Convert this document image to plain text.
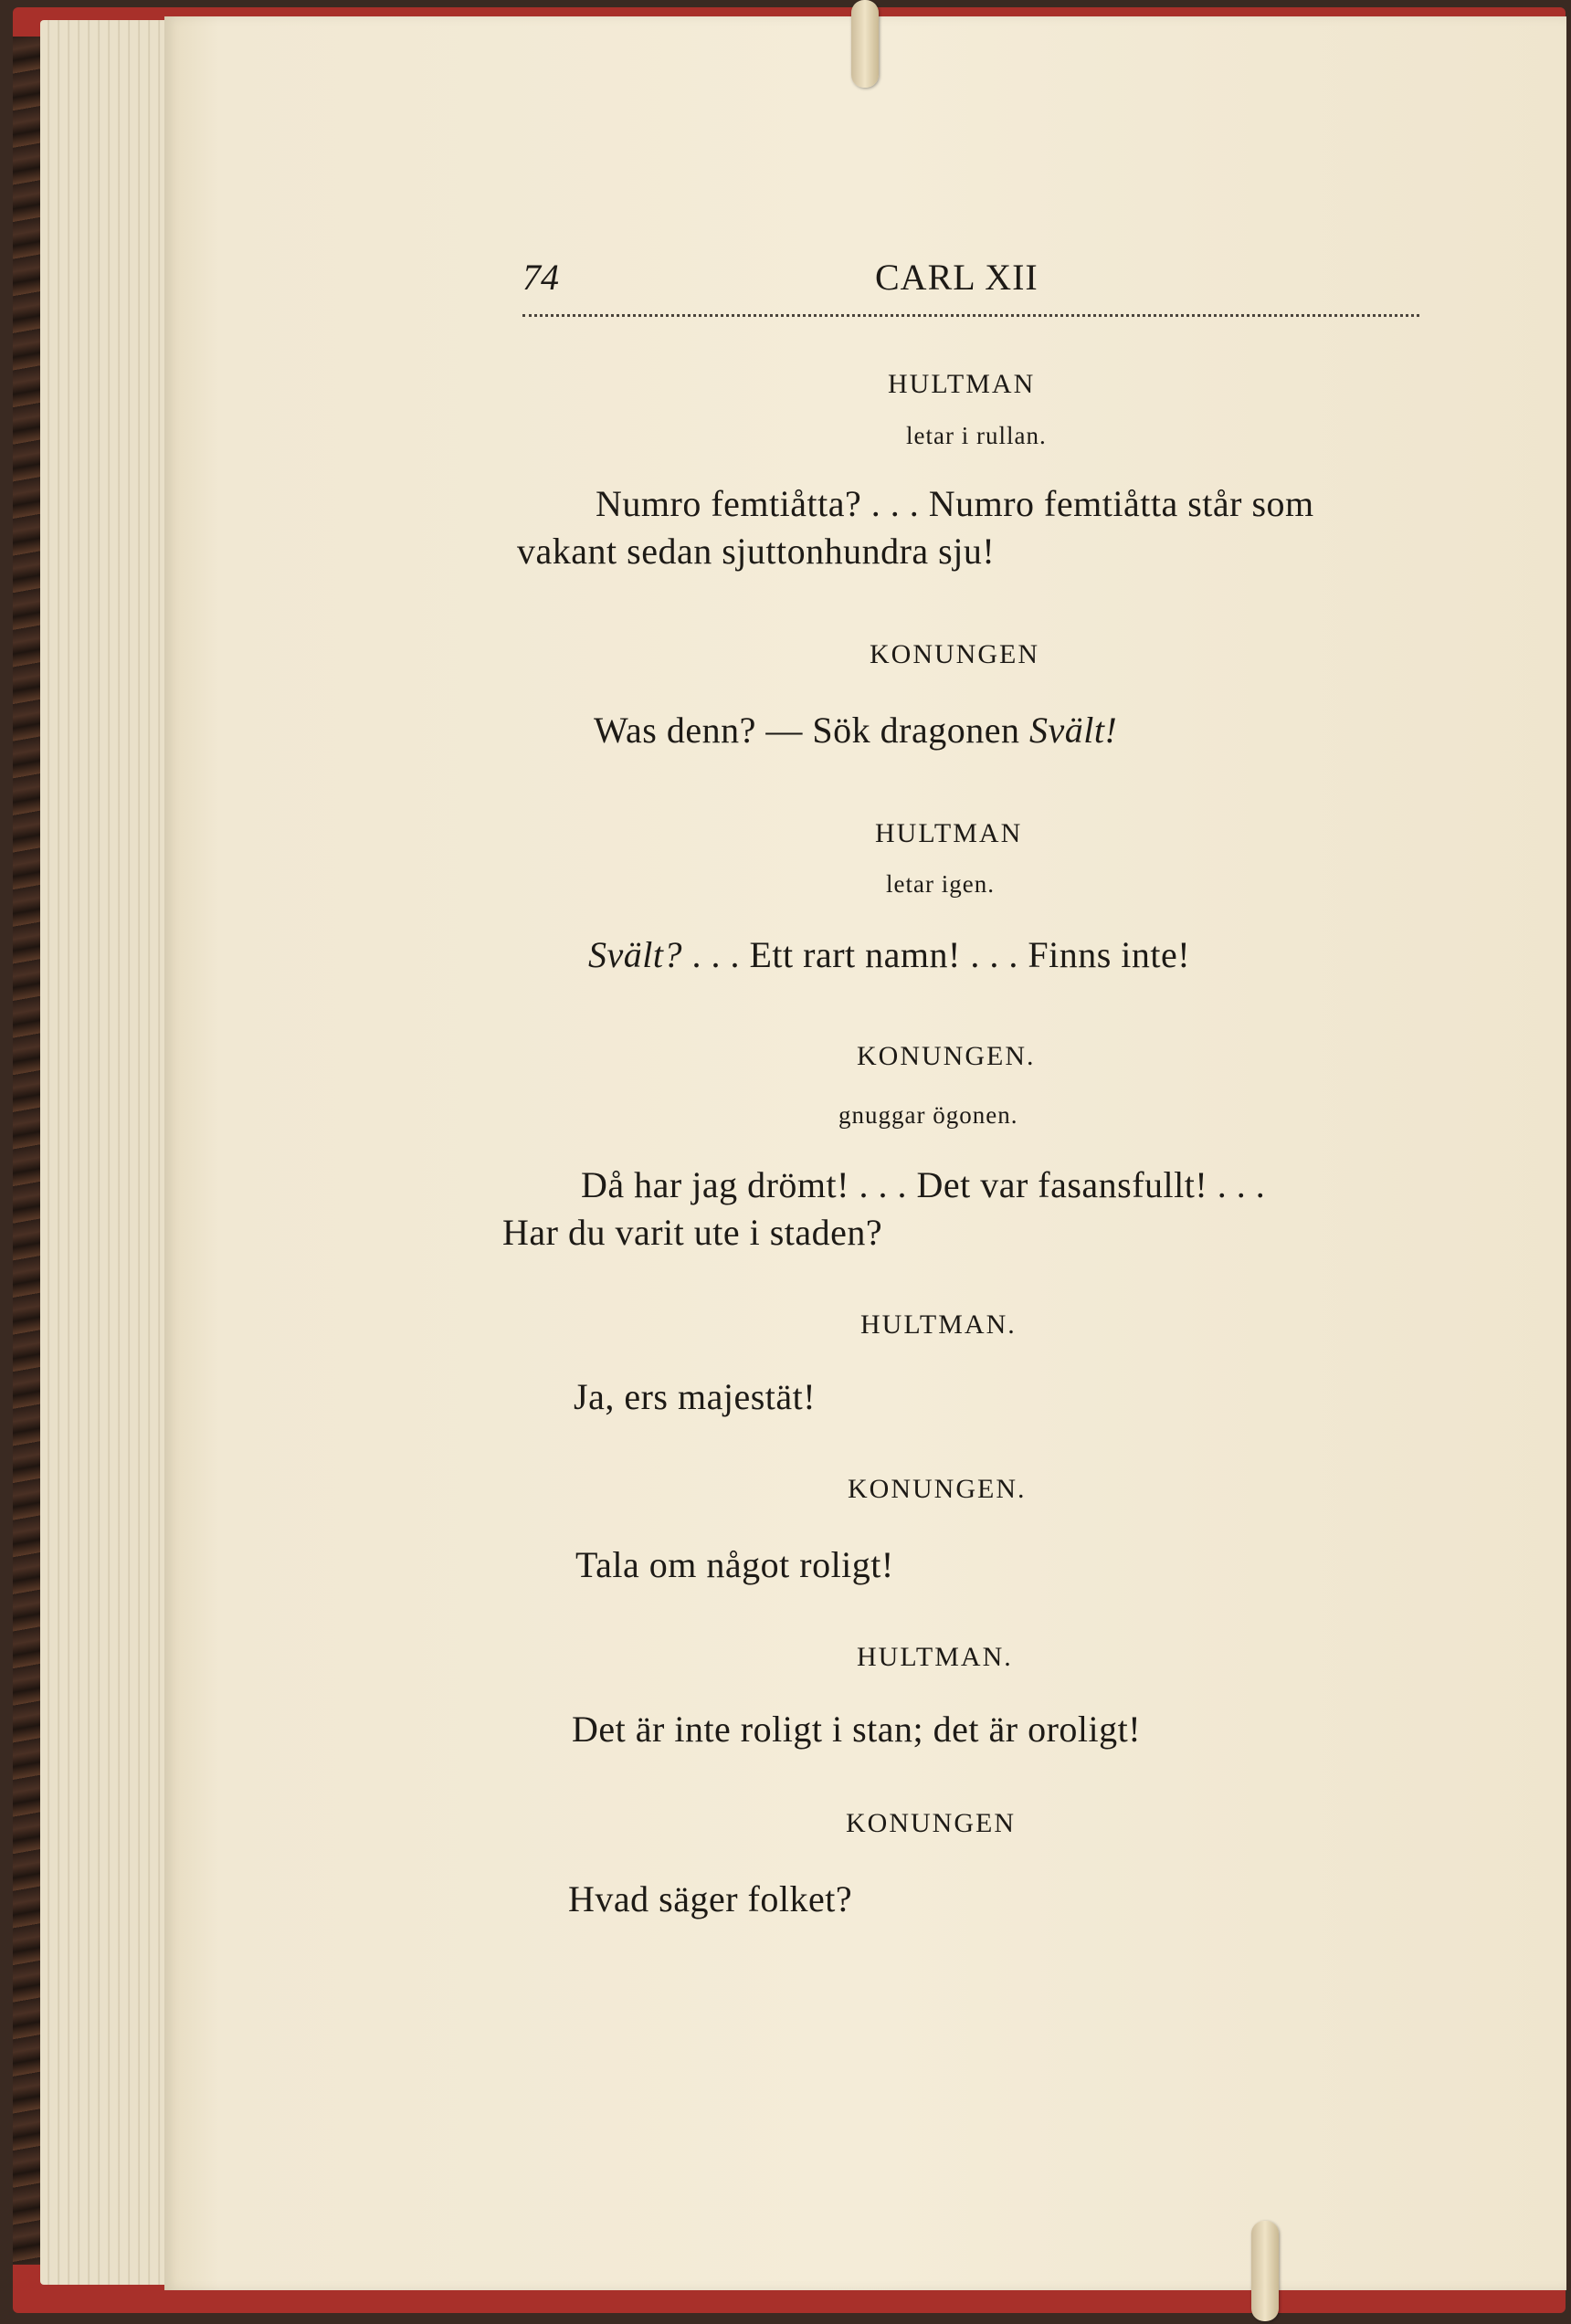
74	CARL XII
HULTMAN
letar i rullan.
Numro femtiåtta? . . . Numro femtiåtta står som
vakant sedan sjuttonhundra sju!
KONUNGEN
Was denn? — Sök dragonen Svält!
HULTMAN
letar igen.
Svält? . . . Ett rart namn! . . . Finns inte!
KONUNGEN.
gnuggar ögonen.
Då har jag drömt! . . . Det var fasansfullt! . . .
Har du varit ute i staden?
HULTMAN.
Ja, ers majestät!
KONUNGEN.
Tala om något roligt!
HULTMAN.
Det är inte roligt i stan; det är oroligt!
KONUNGEN
Hvad säger folket?
